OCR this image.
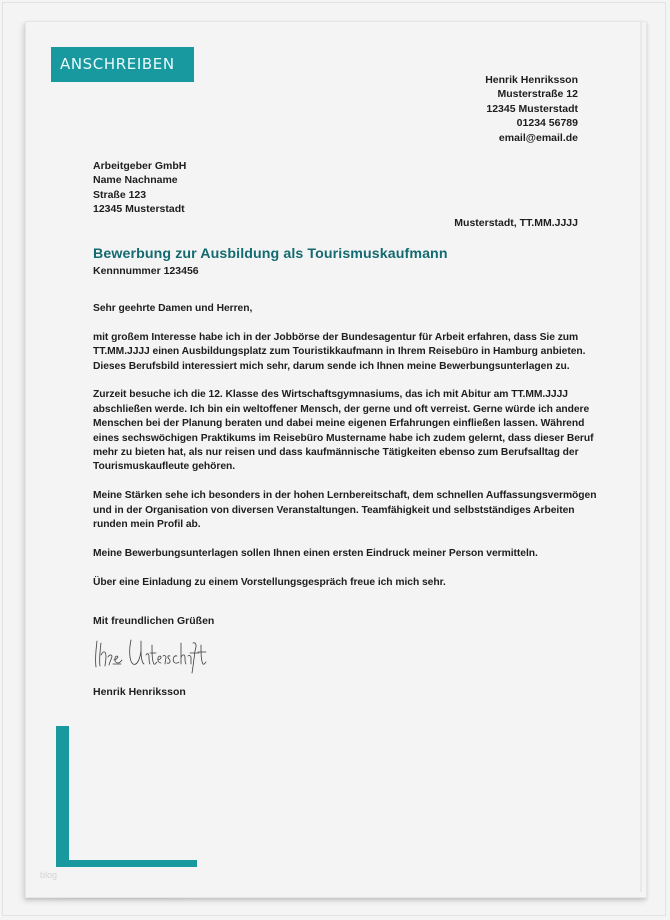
ANSCHREIBEN
Henrik Henriksson
Musterstraße 12
12345 Musterstadt
01234 56789
email@email.de
Arbeitgeber GmbH
Name Nachname
Straße 123
12345 Musterstadt
Musterstadt, TT.MM.JJJJ
Bewerbung zur Ausbildung als Tourismuskaufmann
Kennnummer 123456

Sehr geehrte Damen und Herren,

mit großem Interesse habe ich in der Jobbörse der Bundesagentur für Arbeit erfahren, dass Sie zum
TT.MM.JJJJ einen Ausbildungsplatz zum Touristikkaufmann in Ihrem Reisebüro in Hamburg anbieten.
Dieses Berufsbild interessiert mich sehr, darum sende ich Ihnen meine Bewerbungsunterlagen zu.

Zurzeit besuche ich die 12. Klasse des Wirtschaftsgymnasiums, das ich mit Abitur am TT.MM.JJJJ
abschließen werde. Ich bin ein weltoffener Mensch, der gerne und oft verreist. Gerne würde ich andere
Menschen bei der Planung beraten und dabei meine eigenen Erfahrungen einfließen lassen. Während
eines sechswöchigen Praktikums im Reisebüro Mustername habe ich zudem gelernt, dass dieser Beruf
mehr zu bieten hat, als nur reisen und dass kaufmännische Tätigkeiten ebenso zum Berufsalltag der
Tourismuskaufleute gehören.

Meine Stärken sehe ich besonders in der hohen Lernbereitschaft, dem schnellen Auffassungsvermögen
und in der Organisation von diversen Veranstaltungen. Teamfähigkeit und selbstständiges Arbeiten
runden mein Profil ab.

Meine Bewerbungsunterlagen sollen Ihnen einen ersten Eindruck meiner Person vermitteln.

Über eine Einladung zu einem Vorstellungsgespräch freue ich mich sehr.

Mit freundlichen Grüßen
Henrik Henriksson
blog
